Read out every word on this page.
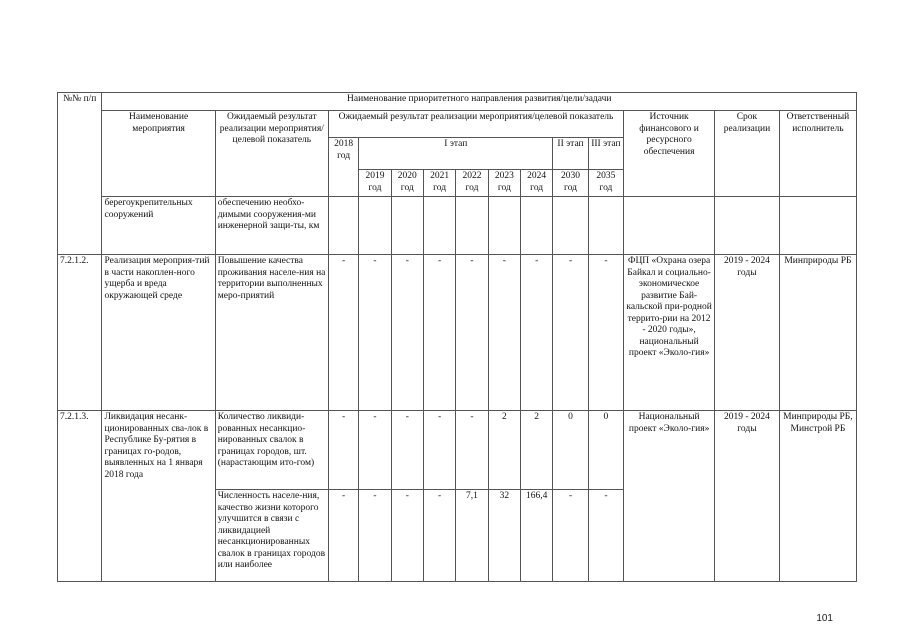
№№ п/п	Наименование приоритетного направления развития/цели/задачи													
	Наименование мероприятия	Ожидаемый результат реализации мероприятия/целевой показатель	Ожидаемый результат реализации мероприятия/целевой показатель									Источник финансового и ресурсного обеспечения	Срок реализации	Ответственный исполнитель
			2018 год	I этап						II этап	III этап			
				2019 год	2020 год	2021 год	2022 год	2023 год	2024 год	2030 год	2035 год			
	берегоукрепительных сооружений	обеспечению необхо-димыми сооружения-ми инженерной защи-ты, км												
7.2.1.2.	Реализация мероприя-тий в части накоплен-ного ущерба и вреда окружающей среде	Повышение качества проживания населе-ния на территории выполненных меро-приятий	-	-	-	-	-	-	-	-	-	ФЦП «Охрана озера Байкал и социально-экономическое развитие Бай-кальской при-родной террито-рии на 2012 - 2020 годы», национальный проект «Эколо-гия»	2019 - 2024 годы	Минприроды РБ
7.2.1.3.	Ликвидация несанк-ционированных сва-лок в Республике Бу-рятия в границах го-родов, выявленных на 1 января 2018 года	Количество ликвиди-рованных несанкцио-нированных свалок в границах городов, шт. (нарастающим ито-гом)	-	-	-	-	-	2	2	0	0	Национальный проект «Эколо-гия»	2019 - 2024 годы	Минприроды РБ, Минстрой РБ
		Численность населе-ния, качество жизни которого улучшится в связи с ликвидацией несанкционированных свалок в границах городов или наиболее	-	-	-	-	7,1	32	166,4	-	-			
101
